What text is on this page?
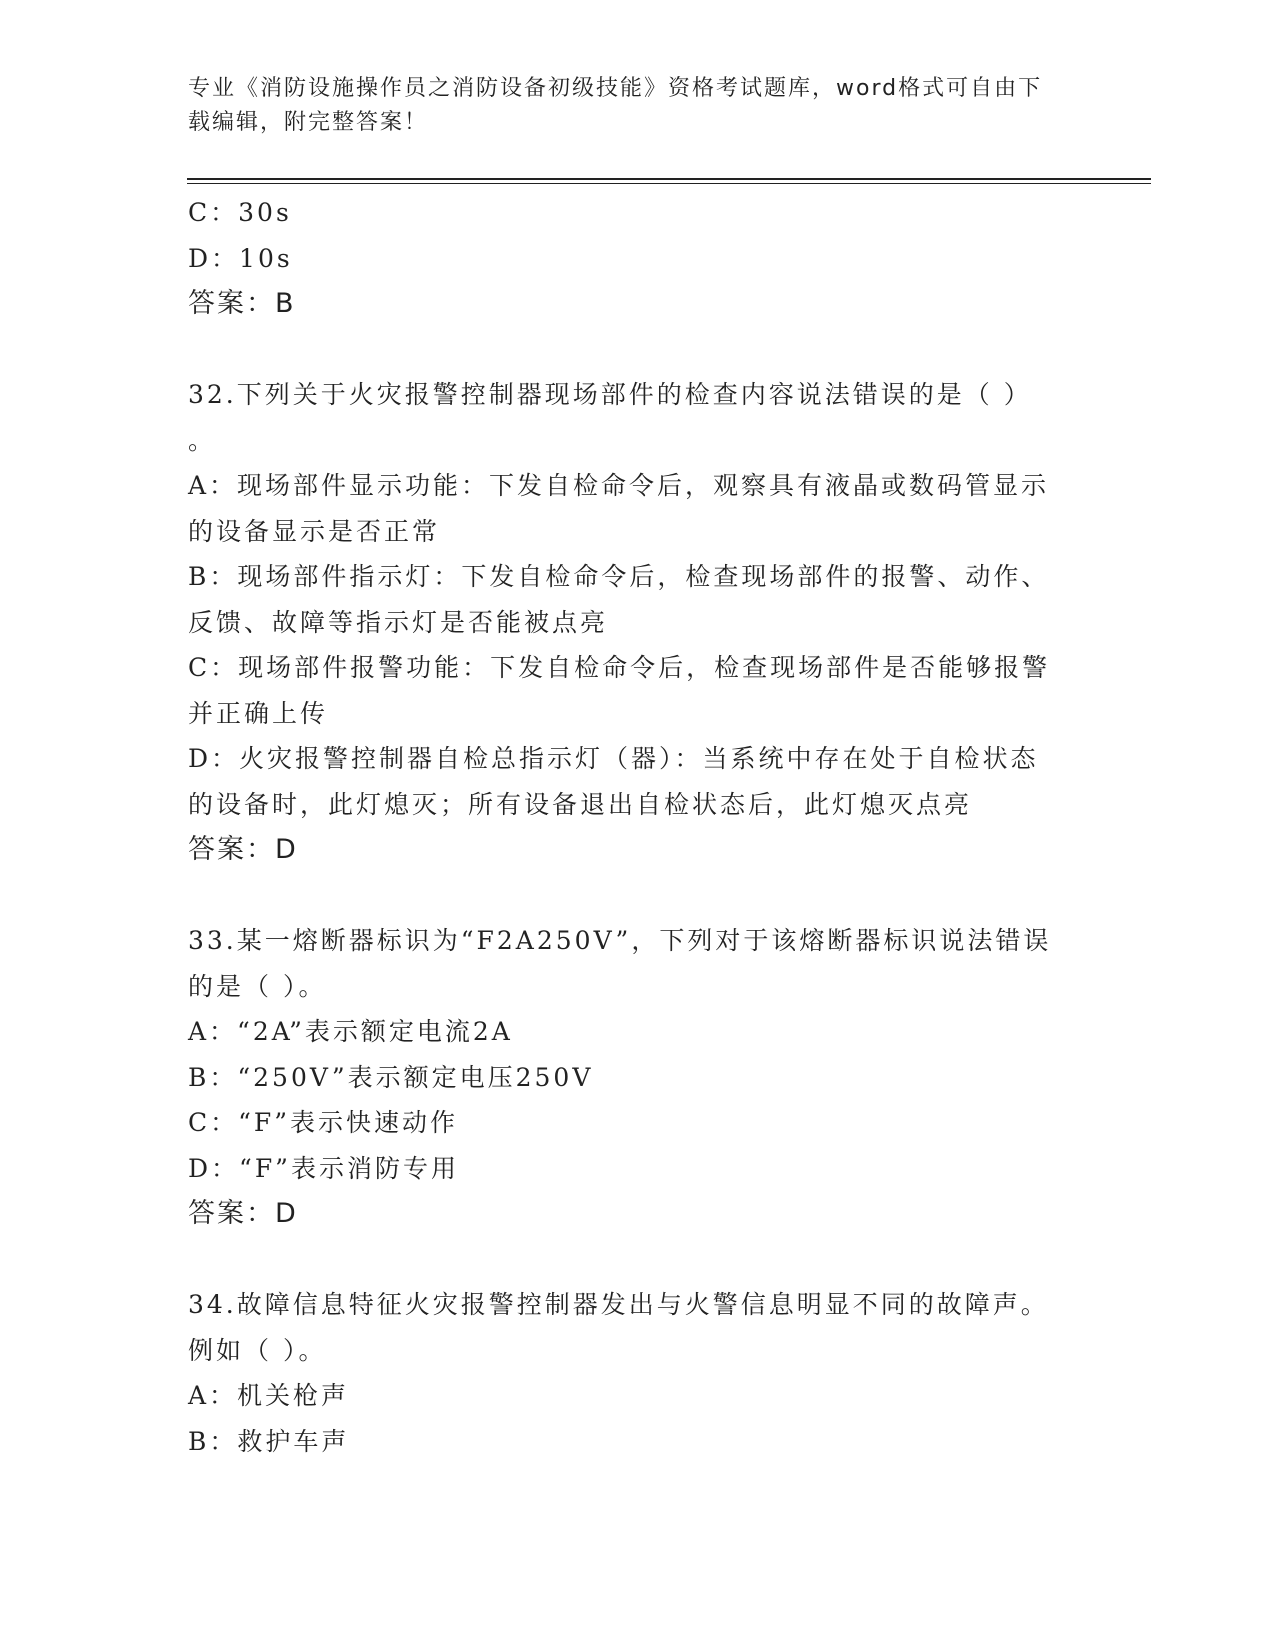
专业《消防设施操作员之消防设备初级技能》资格考试题库，word格式可自由下
载编辑，附完整答案！
C：30s
D：10s
答案：B
32.下列关于火灾报警控制器现场部件的检查内容说法错误的是（ ）
。
A：现场部件显示功能：下发自检命令后，观察具有液晶或数码管显示
的设备显示是否正常
B：现场部件指示灯：下发自检命令后，检查现场部件的报警、动作、
反馈、故障等指示灯是否能被点亮
C：现场部件报警功能：下发自检命令后，检查现场部件是否能够报警
并正确上传
D：火灾报警控制器自检总指示灯（器）：当系统中存在处于自检状态
的设备时，此灯熄灭；所有设备退出自检状态后，此灯熄灭点亮
答案：D
33.某一熔断器标识为“F2A250V”，下列对于该熔断器标识说法错误
的是（ ）。
A：“2A”表示额定电流2A
B：“250V”表示额定电压250V
C：“F”表示快速动作
D：“F”表示消防专用
答案：D
34.故障信息特征火灾报警控制器发出与火警信息明显不同的故障声。
例如（ ）。
A：机关枪声
B：救护车声
